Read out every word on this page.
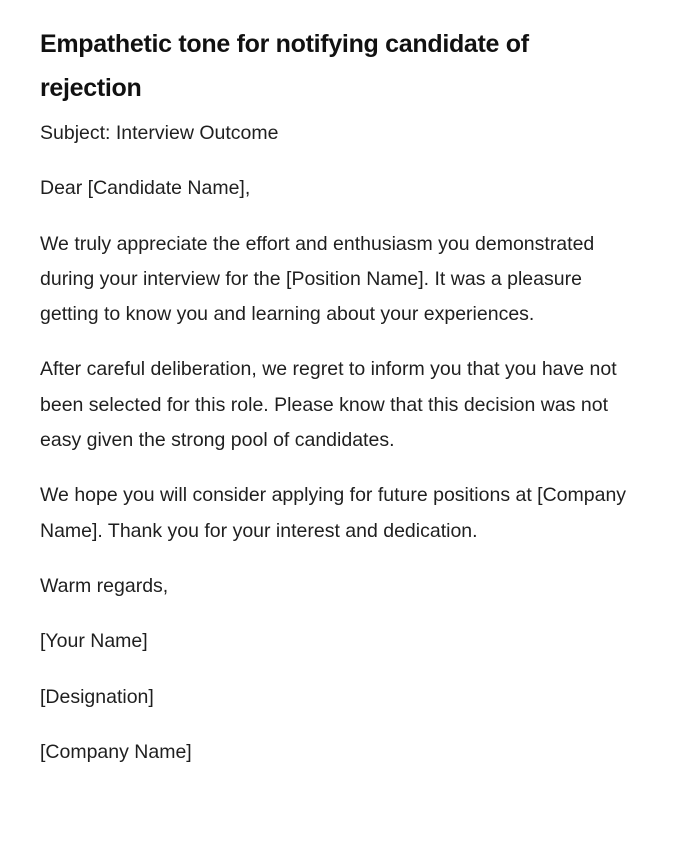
Empathetic tone for notifying candidate of rejection

Subject: Interview Outcome

Dear [Candidate Name],

We truly appreciate the effort and enthusiasm you demonstrated during your interview for the [Position Name]. It was a pleasure getting to know you and learning about your experiences.

After careful deliberation, we regret to inform you that you have not been selected for this role. Please know that this decision was not easy given the strong pool of candidates.

We hope you will consider applying for future positions at [Company Name]. Thank you for your interest and dedication.

Warm regards,

[Your Name]

[Designation]

[Company Name]
